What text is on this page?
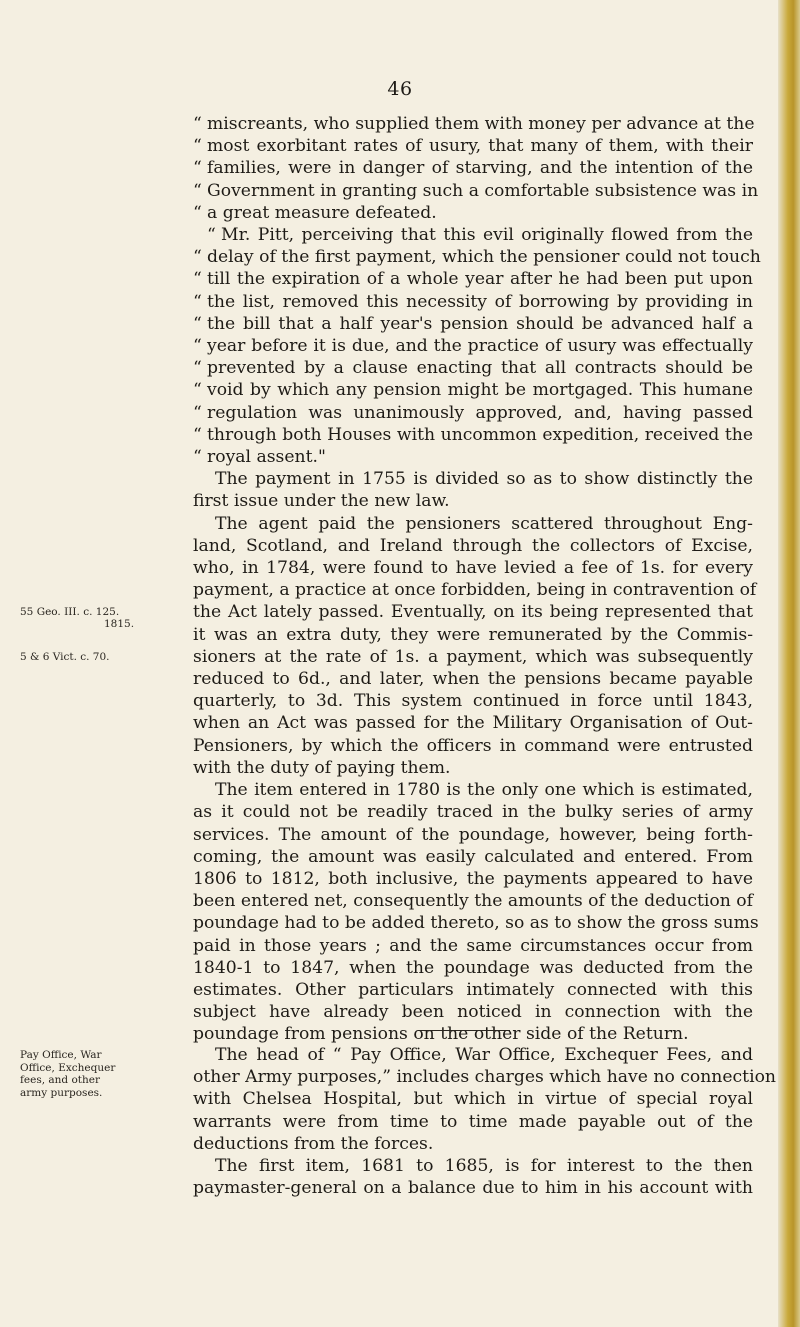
46

“ miscreants, who supplied them with money per advance at the
“ most exorbitant rates of usury, that many of them, with their
“ families, were in danger of starving, and the intention of the
“ Government in granting such a comfortable subsistence was in
“ a great measure defeated.
“ Mr. Pitt, perceiving that this evil originally flowed from the
“ delay of the first payment, which the pensioner could not touch
“ till the expiration of a whole year after he had been put upon
“ the list, removed this necessity of borrowing by providing in
“ the bill that a half year's pension should be advanced half a
“ year before it is due, and the practice of usury was effectually
“ prevented by a clause enacting that all contracts should be
“ void by which any pension might be mortgaged. This humane
“ regulation was unanimously approved, and, having passed
“ through both Houses with uncommon expedition, received the
“ royal assent."

The payment in 1755 is divided so as to show distinctly the
first issue under the new law.
The agent paid the pensioners scattered throughout Eng-
land, Scotland, and Ireland through the collectors of Excise,
who, in 1784, were found to have levied a fee of 1s. for every
payment, a practice at once forbidden, being in contravention of
the Act lately passed. Eventually, on its being represented that
it was an extra duty, they were remunerated by the Commis-
sioners at the rate of 1s. a payment, which was subsequently
reduced to 6d., and later, when the pensions became payable
quarterly, to 3d. This system continued in force until 1843,
when an Act was passed for the Military Organisation of Out-
Pensioners, by which the officers in command were entrusted
with the duty of paying them.
The item entered in 1780 is the only one which is estimated,
as it could not be readily traced in the bulky series of army
services. The amount of the poundage, however, being forth-
coming, the amount was easily calculated and entered. From
1806 to 1812, both inclusive, the payments appeared to have
been entered net, consequently the amounts of the deduction of
poundage had to be added thereto, so as to show the gross sums
paid in those years ; and the same circumstances occur from
1840-1 to 1847, when the poundage was deducted from the
estimates. Other particulars intimately connected with this
subject have already been noticed in connection with the
poundage from pensions on the other side of the Return.

55 Geo. III. c. 125.
1815.
5 & 6 Vict. c. 70.
Pay Office, War
Office, Exchequer
fees, and other
army purposes.
The head of “ Pay Office, War Office, Exchequer Fees, and
other Army purposes,” includes charges which have no connection
with Chelsea Hospital, but which in virtue of special royal
warrants were from time to time made payable out of the
deductions from the forces.
The first item, 1681 to 1685, is for interest to the then
paymaster-general on a balance due to him in his account with
